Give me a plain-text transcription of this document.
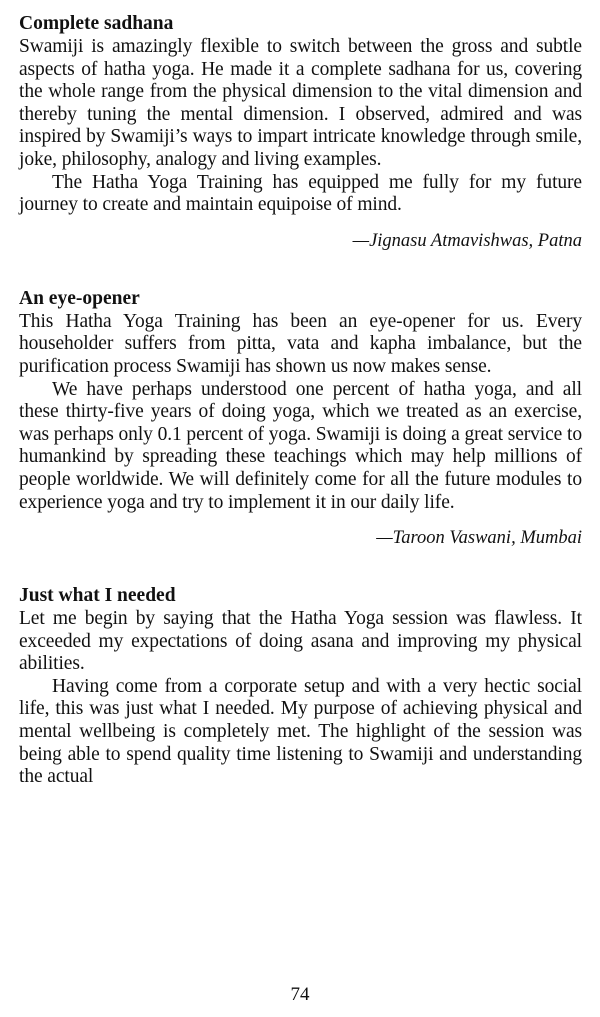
Complete sadhana

Swamiji is amazingly flexible to switch between the gross and subtle aspects of hatha yoga. He made it a complete sadhana for us, covering the whole range from the physical dimension to the vital dimension and thereby tuning the mental dimension. I observed, admired and was inspired by Swamiji’s ways to impart intricate knowledge through smile, joke, philosophy, analogy and living examples.

The Hatha Yoga Training has equipped me fully for my future journey to create and maintain equipoise of mind.

—Jignasu Atmavishwas, Patna

An eye-opener

This Hatha Yoga Training has been an eye-opener for us. Every householder suffers from pitta, vata and kapha imbalance, but the purification process Swamiji has shown us now makes sense.

We have perhaps understood one percent of hatha yoga, and all these thirty-five years of doing yoga, which we treated as an exercise, was perhaps only 0.1 percent of yoga. Swamiji is doing a great service to humankind by spreading these teachings which may help millions of people worldwide. We will definitely come for all the future modules to experience yoga and try to implement it in our daily life.

—Taroon Vaswani, Mumbai

Just what I needed

Let me begin by saying that the Hatha Yoga session was flawless. It exceeded my expectations of doing asana and improving my physical abilities.

Having come from a corporate setup and with a very hectic social life, this was just what I needed. My purpose of achieving physical and mental wellbeing is completely met. The highlight of the session was being able to spend quality time listening to Swamiji and understanding the actual

74
